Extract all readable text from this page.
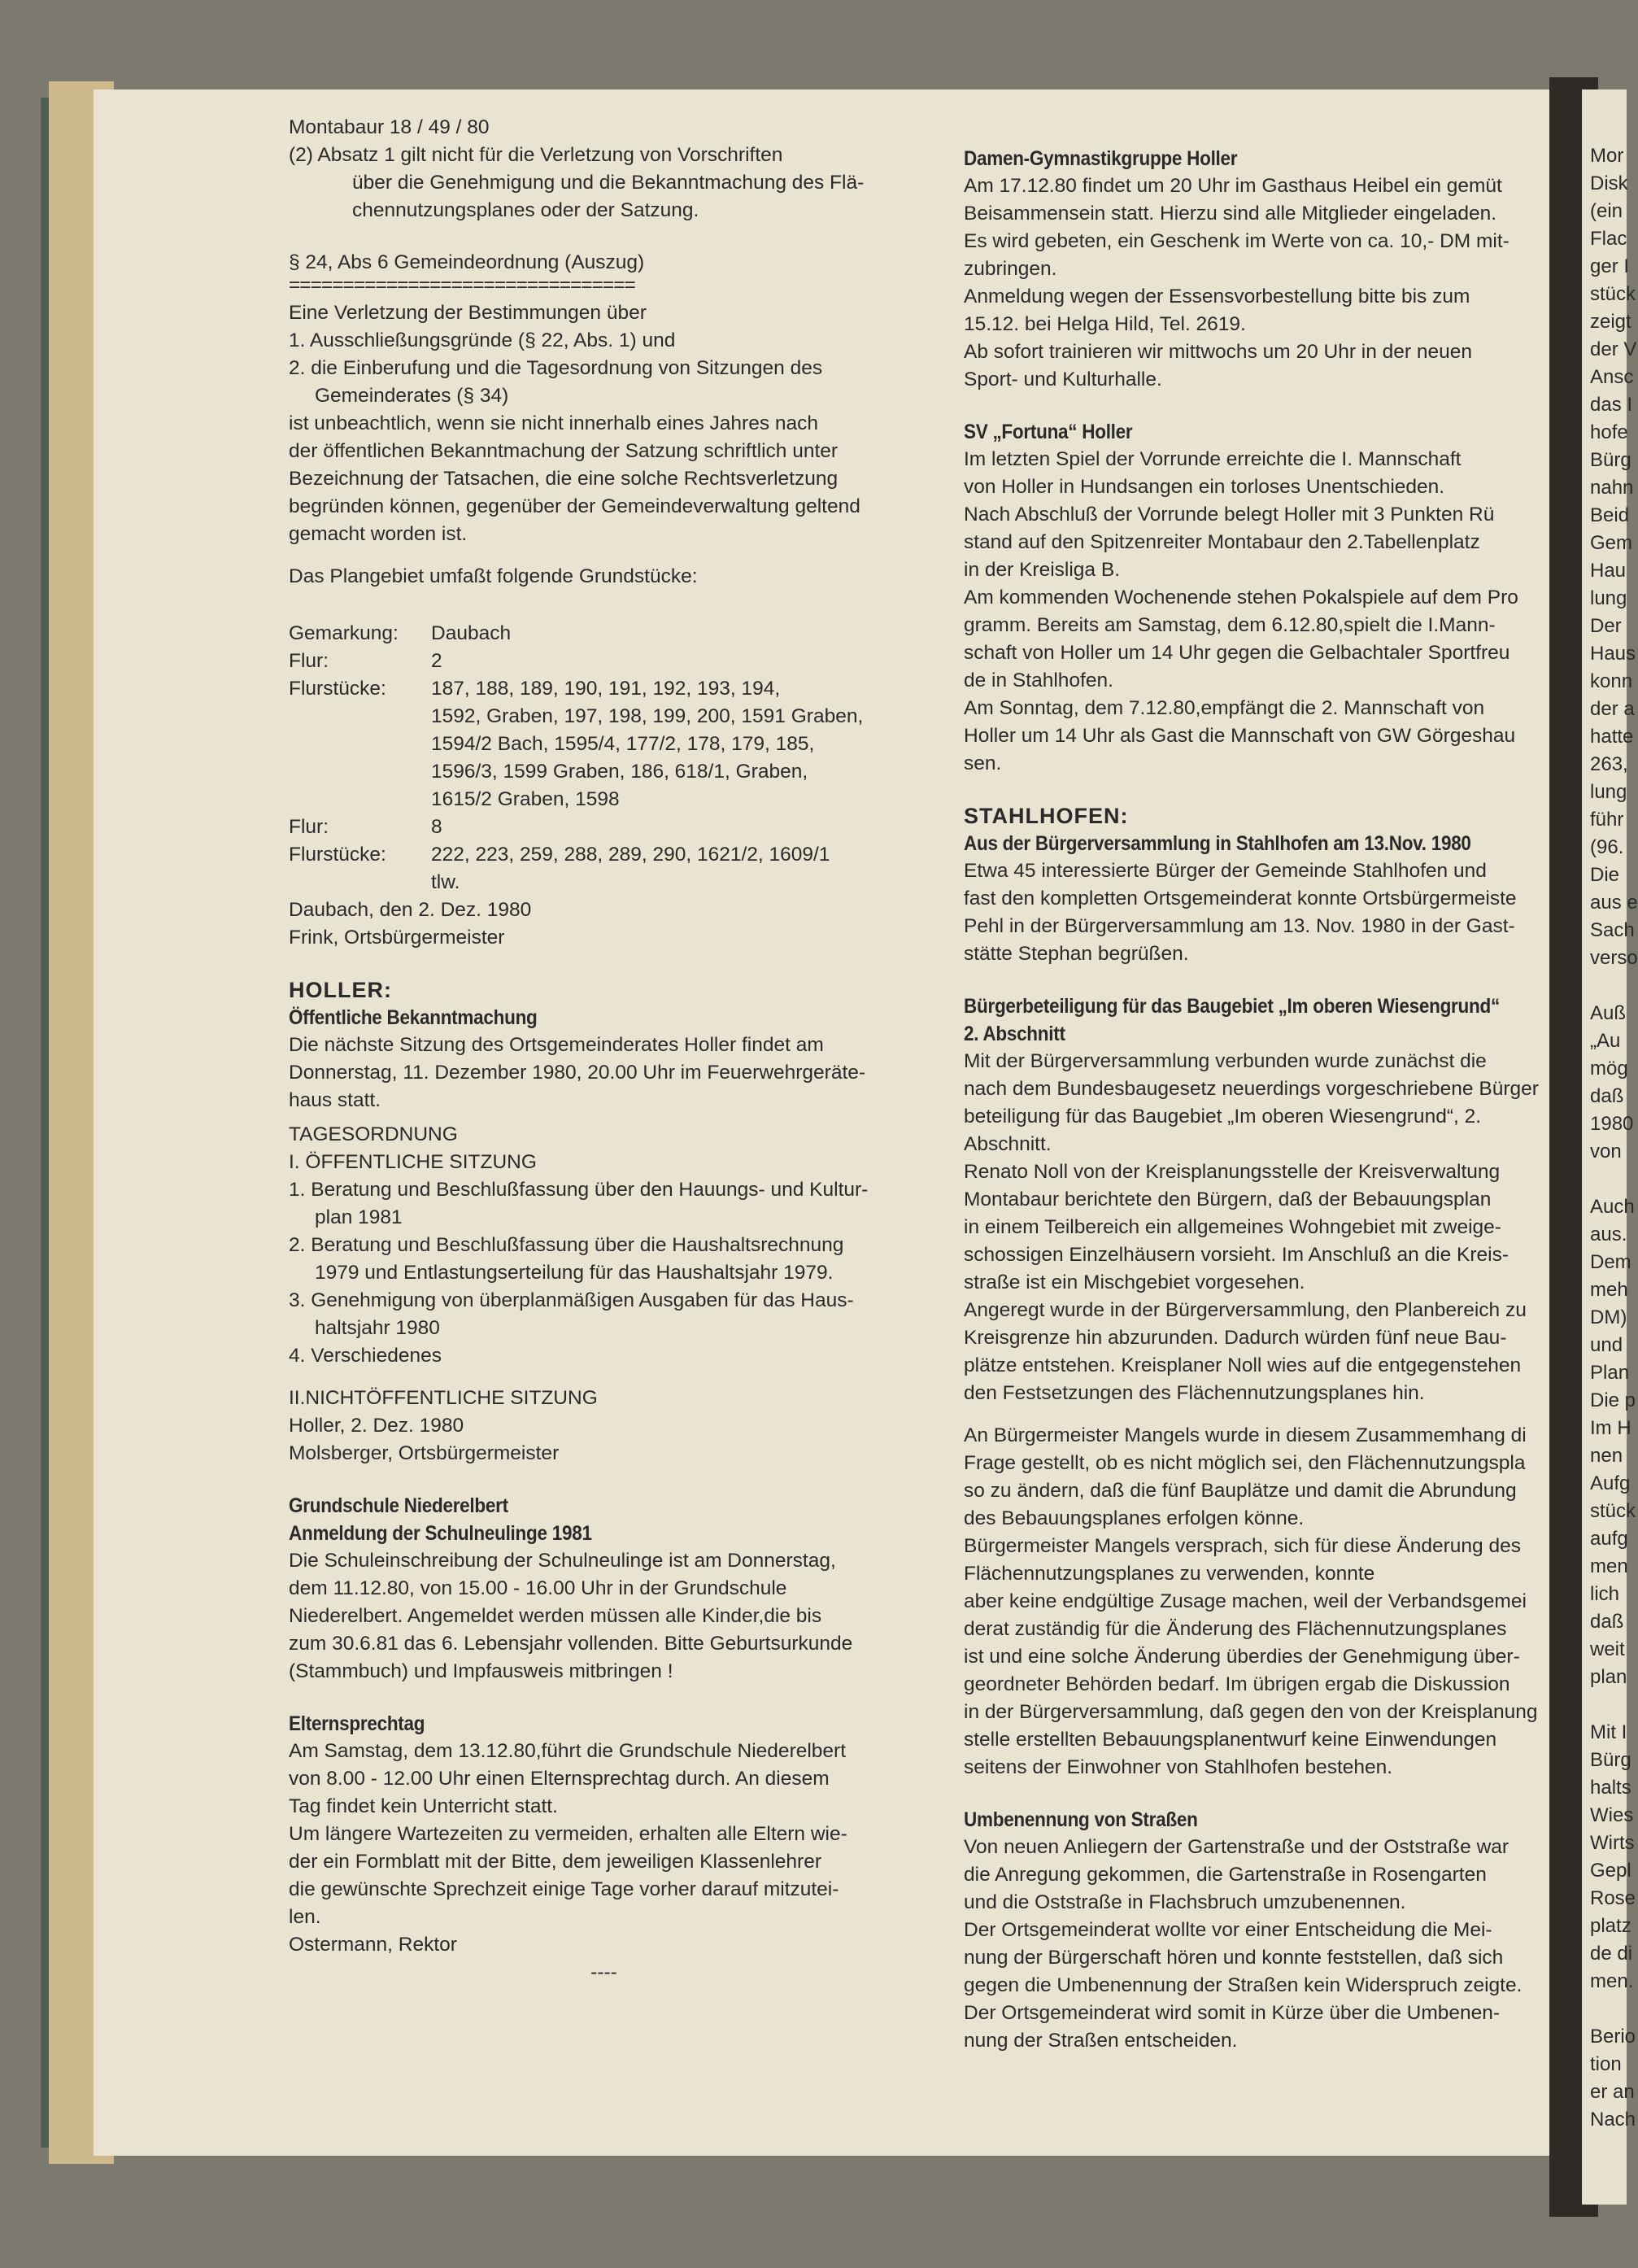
Mor
Disk
(ein
Flac
ger I
stück
zeigt
der V
Ansc
das I
hofe
Bürg
nahn
Beid
Gem
Hau
lung
Der
Haus
konn
der a
hatte
263,
lung
führ
(96.
Die
aus e
Sach
verso

Auß
„Au
mög
daß
1980
von

Auch
aus.
Dem
meh
DM)
und
Plan
Die p
Im H
nen
Aufg
stück
aufg
men
lich
daß
weit
plan

Mit I
Bürg
halts
Wies
Wirts
Gepl
Rose
platz
de di
men.

Berio
tion
er an
Nach

Montabaur 18 / 49 / 80

(2) Absatz 1 gilt nicht für die Verletzung von Vorschriften

über die Genehmigung und die Bekanntmachung des Flä-

chennutzungsplanes oder der Satzung.

§ 24, Abs 6 Gemeindeordnung (Auszug)

================================

Eine Verletzung der Bestimmungen über

1. Ausschließungsgründe (§ 22, Abs. 1) und

2. die Einberufung und die Tagesordnung von Sitzungen des

Gemeinderates (§ 34)

ist unbeachtlich, wenn sie nicht innerhalb eines Jahres nach

der öffentlichen Bekanntmachung der Satzung schriftlich unter

Bezeichnung der Tatsachen, die eine solche Rechtsverletzung

begründen können, gegenüber der Gemeindeverwaltung geltend

gemacht worden ist.

Das Plangebiet umfaßt folgende Grundstücke:

Gemarkung:	Daubach
Flur:	2
Flurstücke:	187, 188, 189, 190, 191, 192, 193, 194,
1592, Graben, 197, 198, 199, 200, 1591 Graben,
1594/2 Bach, 1595/4, 177/2, 178, 179, 185,
1596/3, 1599 Graben, 186, 618/1, Graben,
1615/2 Graben, 1598
Flur:	8
Flurstücke:	222, 223, 259, 288, 289, 290, 1621/2, 1609/1
tlw.

Daubach, den 2. Dez. 1980

Frink, Ortsbürgermeister

HOLLER:

Öffentliche Bekanntmachung

Die nächste Sitzung des Ortsgemeinderates Holler findet am

Donnerstag, 11. Dezember 1980, 20.00 Uhr im Feuerwehrgeräte-

haus statt.

TAGESORDNUNG

I. ÖFFENTLICHE SITZUNG

1. Beratung und Beschlußfassung über den Hauungs- und Kultur-

plan 1981

2. Beratung und Beschlußfassung über die Haushaltsrechnung

1979 und Entlastungserteilung für das Haushaltsjahr 1979.

3. Genehmigung von überplanmäßigen Ausgaben für das Haus-

haltsjahr 1980

4. Verschiedenes

II.NICHTÖFFENTLICHE SITZUNG

Holler, 2. Dez. 1980

Molsberger, Ortsbürgermeister

Grundschule Niederelbert

Anmeldung der Schulneulinge 1981

Die Schuleinschreibung der Schulneulinge ist am Donnerstag,

dem 11.12.80, von 15.00 - 16.00 Uhr in der Grundschule

Niederelbert. Angemeldet werden müssen alle Kinder,die bis

zum 30.6.81 das 6. Lebensjahr vollenden. Bitte Geburtsurkunde

(Stammbuch) und Impfausweis mitbringen !

Elternsprechtag

Am Samstag, dem 13.12.80,führt die Grundschule Niederelbert

von 8.00 - 12.00 Uhr einen Elternsprechtag durch. An diesem

Tag findet kein Unterricht statt.

Um längere Wartezeiten zu vermeiden, erhalten alle Eltern wie-

der ein Formblatt mit der Bitte, dem jeweiligen Klassenlehrer

die gewünschte Sprechzeit einige Tage vorher darauf mitzutei-

len.

Ostermann, Rektor

----

Damen-Gymnastikgruppe Holler

Am 17.12.80 findet um 20 Uhr im Gasthaus Heibel ein gemüt

Beisammensein statt. Hierzu sind alle Mitglieder eingeladen.

Es wird gebeten, ein Geschenk im Werte von ca. 10,- DM mit-

zubringen.

Anmeldung wegen der Essensvorbestellung bitte bis zum

15.12. bei Helga Hild, Tel. 2619.

Ab sofort trainieren wir mittwochs um 20 Uhr in der neuen

Sport- und Kulturhalle.

SV „Fortuna“ Holler

Im letzten Spiel der Vorrunde erreichte die I. Mannschaft

von Holler in Hundsangen ein torloses Unentschieden.

Nach Abschluß der Vorrunde belegt Holler mit 3 Punkten Rü

stand auf den Spitzenreiter Montabaur den 2.Tabellenplatz

in der Kreisliga B.

Am kommenden Wochenende stehen Pokalspiele auf dem Pro

gramm. Bereits am Samstag, dem 6.12.80,spielt die I.Mann-

schaft von Holler um 14 Uhr gegen die Gelbachtaler Sportfreu

de in Stahlhofen.

Am Sonntag, dem 7.12.80,empfängt die 2. Mannschaft von

Holler um 14 Uhr als Gast die Mannschaft von GW Görgeshau

sen.

STAHLHOFEN:

Aus der Bürgerversammlung in Stahlhofen am 13.Nov. 1980

Etwa 45 interessierte Bürger der Gemeinde Stahlhofen und

fast den kompletten Ortsgemeinderat konnte Ortsbürgermeiste

Pehl in der Bürgerversammlung am 13. Nov. 1980 in der Gast-

stätte Stephan begrüßen.

Bürgerbeteiligung für das Baugebiet „Im oberen Wiesengrund“

2. Abschnitt

Mit der Bürgerversammlung verbunden wurde zunächst die

nach dem Bundesbaugesetz neuerdings vorgeschriebene Bürger

beteiligung für das Baugebiet „Im oberen Wiesengrund“, 2.

Abschnitt.

Renato Noll von der Kreisplanungsstelle der Kreisverwaltung

Montabaur berichtete den Bürgern, daß der Bebauungsplan

in einem Teilbereich ein allgemeines Wohngebiet mit zweige-

schossigen Einzelhäusern vorsieht. Im Anschluß an die Kreis-

straße ist ein Mischgebiet vorgesehen.

Angeregt wurde in der Bürgerversammlung, den Planbereich zu

Kreisgrenze hin abzurunden. Dadurch würden fünf neue Bau-

plätze entstehen. Kreisplaner Noll wies auf die entgegenstehen

den Festsetzungen des Flächennutzungsplanes hin.

An Bürgermeister Mangels wurde in diesem Zusammemhang di

Frage gestellt, ob es nicht möglich sei, den Flächennutzungspla

so zu ändern, daß die fünf Bauplätze und damit die Abrundung

des Bebauungsplanes erfolgen könne.

Bürgermeister Mangels versprach, sich für diese Änderung des

Flächennutzungsplanes zu verwenden, konnte

aber keine endgültige Zusage machen, weil der Verbandsgemei

derat zuständig für die Änderung des Flächennutzungsplanes

ist und eine solche Änderung überdies der Genehmigung über-

geordneter Behörden bedarf. Im übrigen ergab die Diskussion

in der Bürgerversammlung, daß gegen den von der Kreisplanung

stelle erstellten Bebauungsplanentwurf keine Einwendungen

seitens der Einwohner von Stahlhofen bestehen.

Umbenennung von Straßen

Von neuen Anliegern der Gartenstraße und der Oststraße war

die Anregung gekommen, die Gartenstraße in Rosengarten

und die Oststraße in Flachsbruch umzubenennen.

Der Ortsgemeinderat wollte vor einer Entscheidung die Mei-

nung der Bürgerschaft hören und konnte feststellen, daß sich

gegen die Umbenennung der Straßen kein Widerspruch zeigte.

Der Ortsgemeinderat wird somit in Kürze über die Umbenen-

nung der Straßen entscheiden.
